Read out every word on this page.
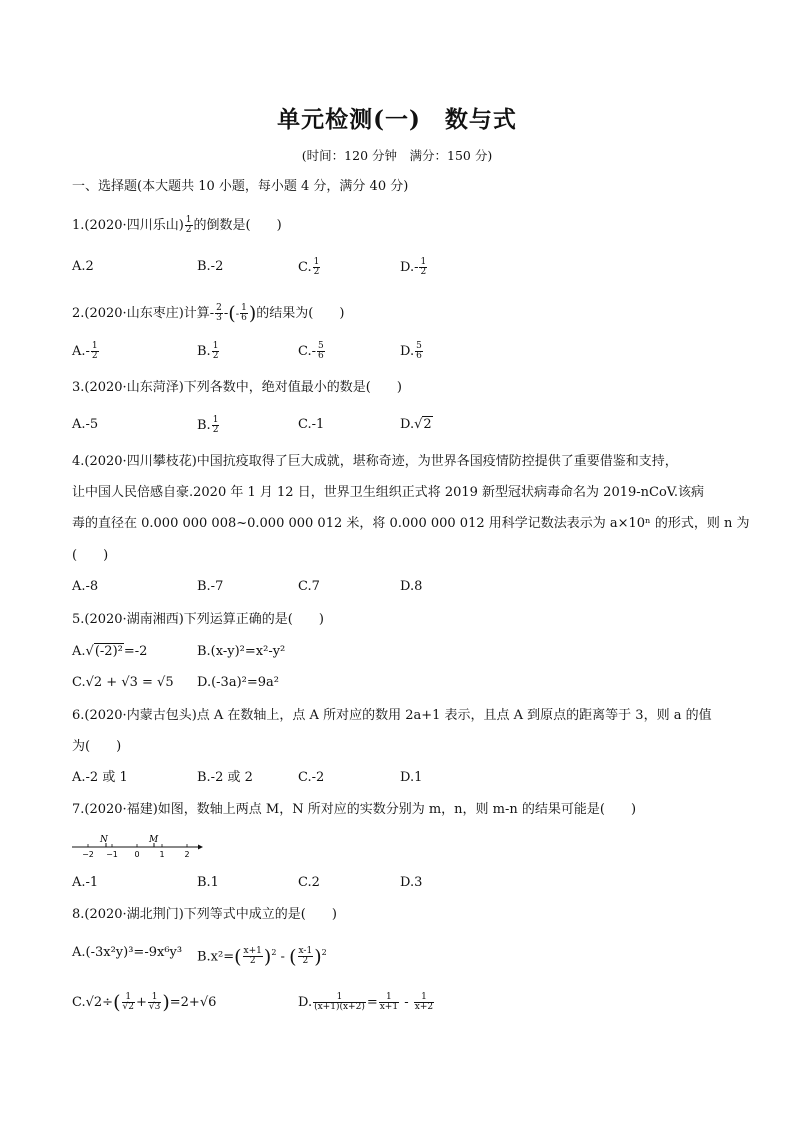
单元检测(一)　数与式
(时间：120 分钟　满分：150 分)
一、选择题(本大题共 10 小题，每小题 4 分，满分 40 分)
1.(2020·四川乐山) $\frac{1}{2}$ 的倒数是(　　)
A.2	B.-2	C. $\frac{1}{2}$	$D.- \frac{1}{2}$
2.(2020·山东枣庄)计算- $\frac{2}{3}$ -(- $\frac{1}{6}$ )的结果为(　　)
$A.- \frac{1}{2}$	B. $\frac{1}{2}$	$C.- \frac{5}{6}$	D. $\frac{5}{6}$
3.(2020·山东菏泽)下列各数中，绝对值最小的数是(　　)
A.-5	B. $\frac{1}{2}$	C.-1	D.√2
4.(2020·四川攀枝花)中国抗疫取得了巨大成就，堪称奇迹，为世界各国疫情防控提供了重要借鉴和支持，
让中国人民倍感自豪.2020 年 1 月 12 日，世界卫生组织正式将 2019 新型冠状病毒命名为 2019-nCoV.该病
毒的直径在 0.000 000 008~0.000 000 012 米，将 0.000 000 012 用科学记数法表示为 a×10ⁿ 的形式，则 n 为
(　　)
A.-8	B.-7	C.7	D.8
5.(2020·湖南湘西)下列运算正确的是(　　)
A.√(-2)²=-2	B.(x-y)²=x²-y²
C.√2 + √3 = √5 D.(-3a)²=9a²
6.(2020·内蒙古包头)点 A 在数轴上，点 A 所对应的数用 2a+1 表示，且点 A 到原点的距离等于 3，则 a 的值
为(　　)
A.-2 或 1	B.-2 或 2	C.-2	D.1
7.(2020·福建)如图，数轴上两点 M，N 所对应的实数分别为 m，n，则 m-n 的结果可能是(　　)
N	M
−2 −1 0 1 2
A.-1	B.1	C.2	D.3
8.(2020·湖北荆门)下列等式中成立的是(　　)
A.(-3x²y)³=-9x⁶y³ $B.x^2=( \frac{x+1}{2} )^2$ - ( $\frac{x-1}{2} )^2$
$C.√2\div( \frac{1}{√2} + \frac{1}{√3} )=2+√6$	D. $\frac{1}{(x+1)(x+2)} = \frac{1}{x+1} - \frac{1}{x+2}$
